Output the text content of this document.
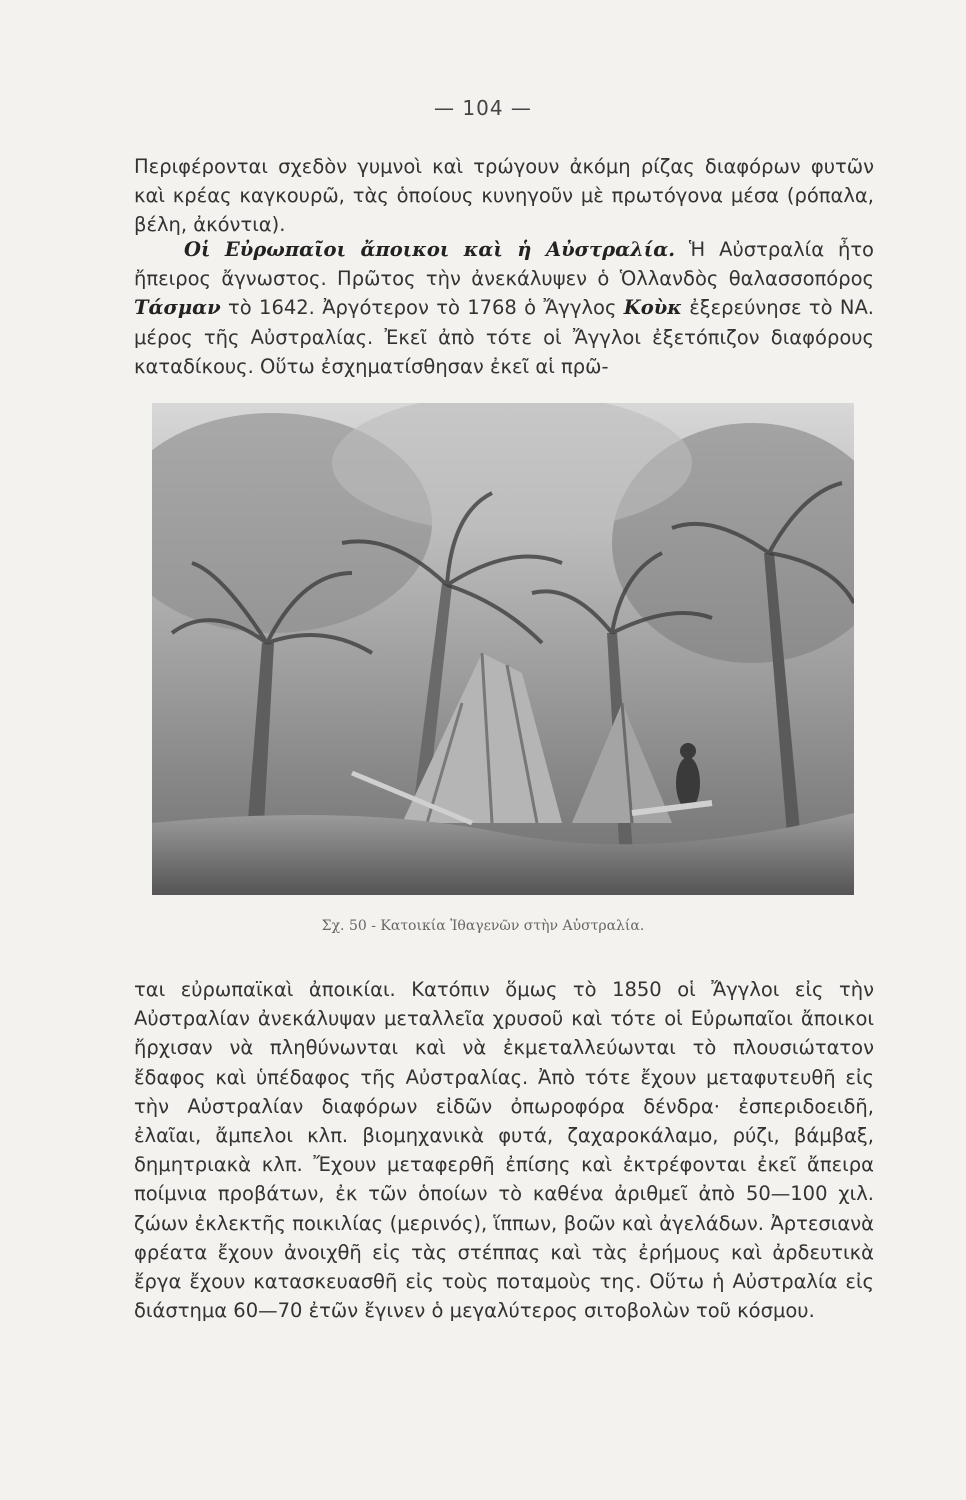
— 104 —

Περιφέρονται σχεδὸν γυμνοὶ καὶ τρώγουν ἀκόμη ρίζας διαφόρων φυτῶν καὶ κρέας καγκουρῶ, τὰς ὁποίους κυνηγοῦν μὲ πρωτόγονα μέσα (ρόπαλα, βέλη, ἀκόντια).

Οἱ Εὐρωπαῖοι ἄποικοι καὶ ἡ Αὐστραλία. Ἡ Αὐστραλία ἦτο ἤπειρος ἄγνωστος. Πρῶτος τὴν ἀνεκάλυψεν ὁ Ὁλλανδὸς θαλασσοπόρος Τάσμαν τὸ 1642. Ἀργότερον τὸ 1768 ὁ Ἄγγλος Κοὺκ ἐξερεύνησε τὸ ΝΑ. μέρος τῆς Αὐστραλίας. Ἐκεῖ ἀπὸ τότε οἱ Ἄγγλοι ἐξετόπιζον διαφόρους καταδίκους. Οὕτω ἐσχηματίσθησαν ἐκεῖ αἱ πρῶ-

Σχ. 50 - Κατοικία Ἰθαγενῶν στὴν Αὐστραλία.

ται εὐρωπαϊκαὶ ἀποικίαι. Κατόπιν ὅμως τὸ 1850 οἱ Ἄγγλοι εἰς τὴν Αὐστραλίαν ἀνεκάλυψαν μεταλλεῖα χρυσοῦ καὶ τότε οἱ Εὐρωπαῖοι ἄποικοι ἤρχισαν νὰ πληθύνωνται καὶ νὰ ἐκμεταλλεύωνται τὸ πλουσιώτατον ἔδαφος καὶ ὑπέδαφος τῆς Αὐστραλίας. Ἀπὸ τότε ἔχουν μεταφυτευθῆ εἰς τὴν Αὐστραλίαν διαφόρων εἰδῶν ὀπωροφόρα δένδρα· ἐσπεριδοειδῆ, ἐλαῖαι, ἄμπελοι κλπ. βιομηχανικὰ φυτά, ζαχαροκάλαμο, ρύζι, βάμβαξ, δημητριακὰ κλπ. Ἔχουν μεταφερθῆ ἐπίσης καὶ ἐκτρέφονται ἐκεῖ ἄπειρα ποίμνια προβάτων, ἐκ τῶν ὁποίων τὸ καθένα ἀριθμεῖ ἀπὸ 50—100 χιλ. ζώων ἐκλεκτῆς ποικιλίας (μερινός), ἵππων, βοῶν καὶ ἀγελάδων. Ἀρτεσιανὰ φρέατα ἔχουν ἀνοιχθῆ εἰς τὰς στέππας καὶ τὰς ἐρήμους καὶ ἀρδευτικὰ ἔργα ἔχουν κατασκευασθῆ εἰς τοὺς ποταμοὺς της. Οὕτω ἡ Αὐστραλία εἰς διάστημα 60—70 ἐτῶν ἔγινεν ὁ μεγαλύτερος σιτοβολὼν τοῦ κόσμου.
